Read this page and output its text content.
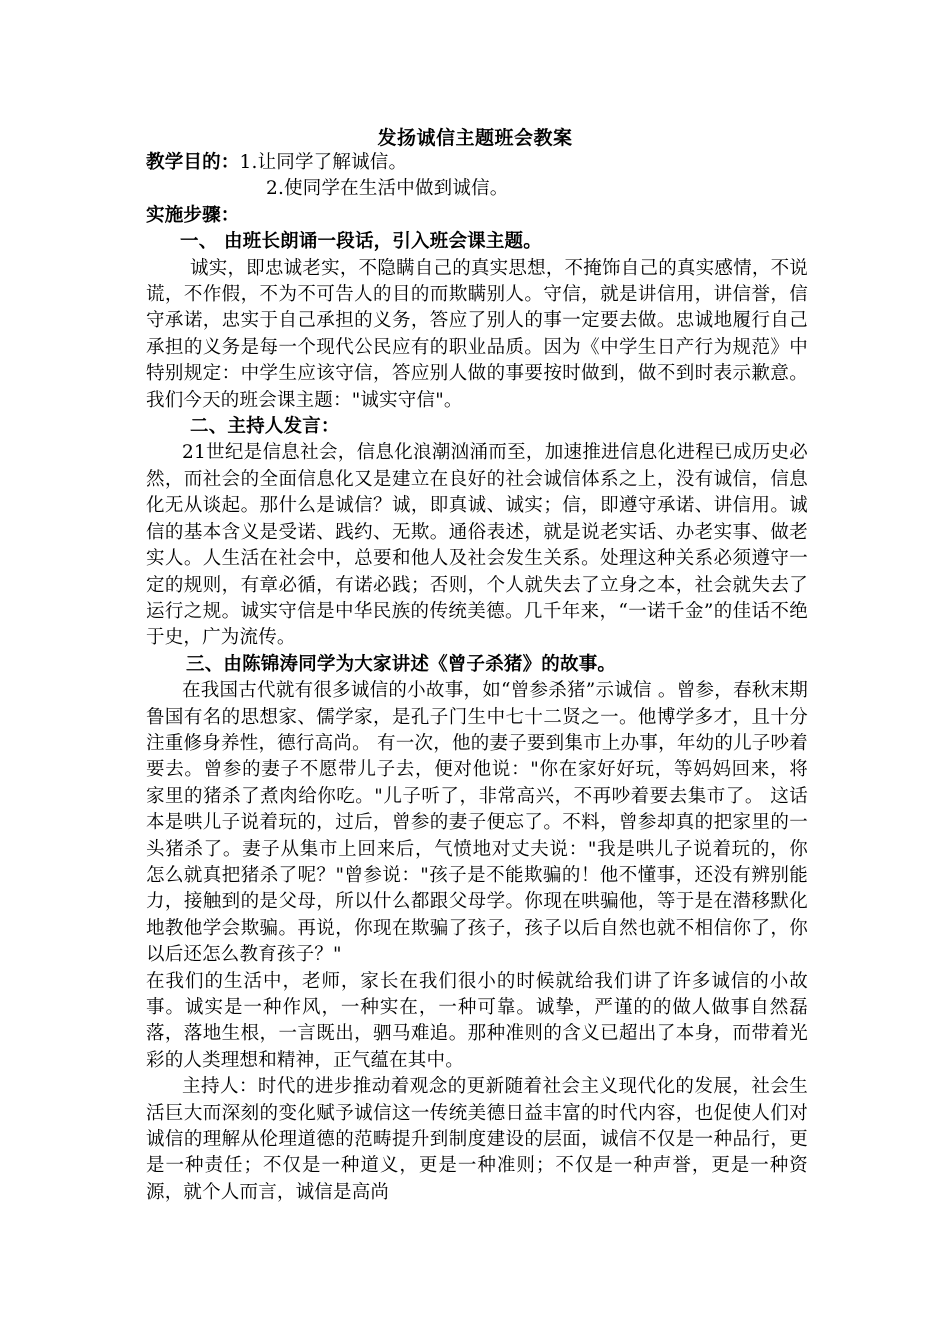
发扬诚信主题班会教案

教学目的：1.让同学了解诚信。

2.使同学在生活中做到诚信。

实施步骤：

一、 由班长朗诵一段话，引入班会课主题。

诚实，即忠诚老实，不隐瞒自己的真实思想，不掩饰自己的真实感情，不说谎，不作假，不为不可告人的目的而欺瞒别人。守信，就是讲信用，讲信誉，信守承诺，忠实于自己承担的义务，答应了别人的事一定要去做。忠诚地履行自己承担的义务是每一个现代公民应有的职业品质。因为《中学生日产行为规范》中特别规定：中学生应该守信，答应别人做的事要按时做到，做不到时表示歉意。我们今天的班会课主题："诚实守信"。

二、主持人发言：

21世纪是信息社会，信息化浪潮汹涌而至，加速推进信息化进程已成历史必然，而社会的全面信息化又是建立在良好的社会诚信体系之上，没有诚信，信息化无从谈起。那什么是诚信？诚，即真诚、诚实；信，即遵守承诺、讲信用。诚信的基本含义是受诺、践约、无欺。通俗表述，就是说老实话、办老实事、做老实人。人生活在社会中，总要和他人及社会发生关系。处理这种关系必须遵守一定的规则，有章必循，有诺必践；否则，个人就失去了立身之本，社会就失去了运行之规。诚实守信是中华民族的传统美德。几千年来，“一诺千金”的佳话不绝于史，广为流传。

三、由陈锦涛同学为大家讲述《曾子杀猪》的故事。

在我国古代就有很多诚信的小故事，如“曾参杀猪”示诚信 。曾参，春秋末期鲁国有名的思想家、儒学家，是孔子门生中七十二贤之一。他博学多才，且十分注重修身养性，德行高尚。 有一次，他的妻子要到集市上办事，年幼的儿子吵着要去。曾参的妻子不愿带儿子去，便对他说："你在家好好玩，等妈妈回来，将家里的猪杀了煮肉给你吃。"儿子听了，非常高兴，不再吵着要去集市了。 这话本是哄儿子说着玩的，过后，曾参的妻子便忘了。不料，曾参却真的把家里的一头猪杀了。妻子从集市上回来后，气愤地对丈夫说："我是哄儿子说着玩的，你怎么就真把猪杀了呢？"曾参说："孩子是不能欺骗的！他不懂事，还没有辨别能力，接触到的是父母，所以什么都跟父母学。你现在哄骗他，等于是在潜移默化地教他学会欺骗。再说，你现在欺骗了孩子，孩子以后自然也就不相信你了，你以后还怎么教育孩子？"

在我们的生活中，老师，家长在我们很小的时候就给我们讲了许多诚信的小故事。诚实是一种作风，一种实在，一种可靠。诚挚，严谨的的做人做事自然磊落，落地生根，一言既出，驷马难追。那种准则的含义已超出了本身，而带着光彩的人类理想和精神，正气蕴在其中。

主持人：时代的进步推动着观念的更新随着社会主义现代化的发展，社会生活巨大而深刻的变化赋予诚信这一传统美德日益丰富的时代内容，也促使人们对诚信的理解从伦理道德的范畴提升到制度建设的层面，诚信不仅是一种品行，更是一种责任；不仅是一种道义，更是一种准则；不仅是一种声誉，更是一种资源，就个人而言，诚信是高尚
